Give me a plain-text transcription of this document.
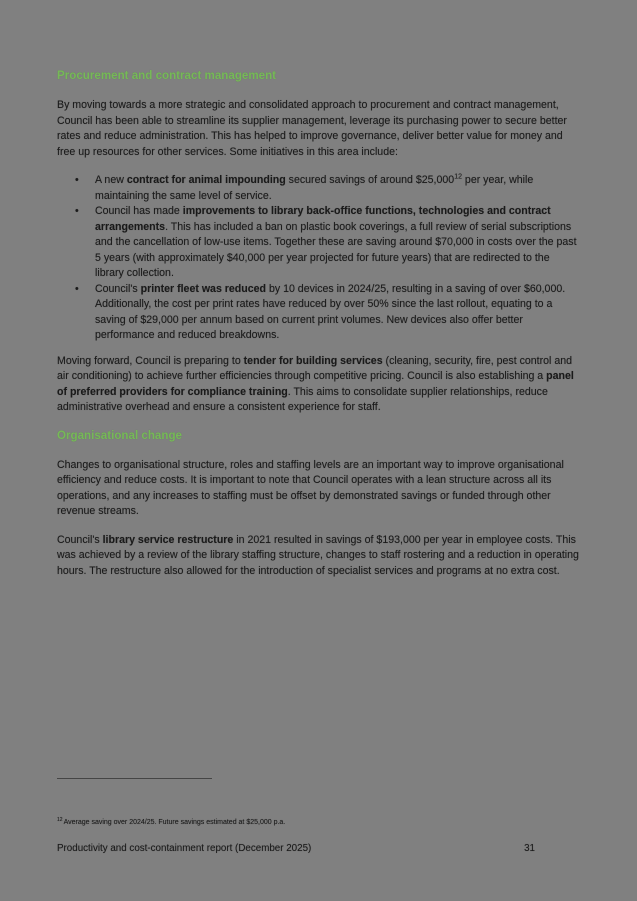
Procurement and contract management

By moving towards a more strategic and consolidated approach to procurement and contract management, Council has been able to streamline its supplier management, leverage its purchasing power to secure better rates and reduce administration. This has helped to improve governance, deliver better value for money and free up resources for other services. Some initiatives in this area include:

• A new contract for animal impounding secured savings of around $25,000$^{12}$ per year, while maintaining the same level of service.
• Council has made improvements to library back-office functions, technologies and contract arrangements. This has included a ban on plastic book coverings, a full review of serial subscriptions and the cancellation of low-use items. Together these are saving around $70,000 in costs over the past 5 years (with approximately $40,000 per year projected for future years) that are redirected to the library collection.
• Council's printer fleet was reduced by 10 devices in 2024/25, resulting in a saving of over $60,000. Additionally, the cost per print rates have reduced by over 50% since the last rollout, equating to a saving of $29,000 per annum based on current print volumes. New devices also offer better performance and reduced breakdowns.

Moving forward, Council is preparing to tender for building services (cleaning, security, fire, pest control and air conditioning) to achieve further efficiencies through competitive pricing. Council is also establishing a panel of preferred providers for compliance training. This aims to consolidate supplier relationships, reduce administrative overhead and ensure a consistent experience for staff.

Organisational change

Changes to organisational structure, roles and staffing levels are an important way to improve organisational efficiency and reduce costs. It is important to note that Council operates with a lean structure across all its operations, and any increases to staffing must be offset by demonstrated savings or funded through other revenue streams.

Council's library service restructure in 2021 resulted in savings of $193,000 per year in employee costs. This was achieved by a review of the library staffing structure, changes to staff rostering and a reduction in operating hours. The restructure also allowed for the introduction of specialist services and programs at no extra cost.

$^{12}$Average saving over 2024/25. Future savings estimated at $25,000 p.a.
Productivity and cost-containment report (December 2025)	31
